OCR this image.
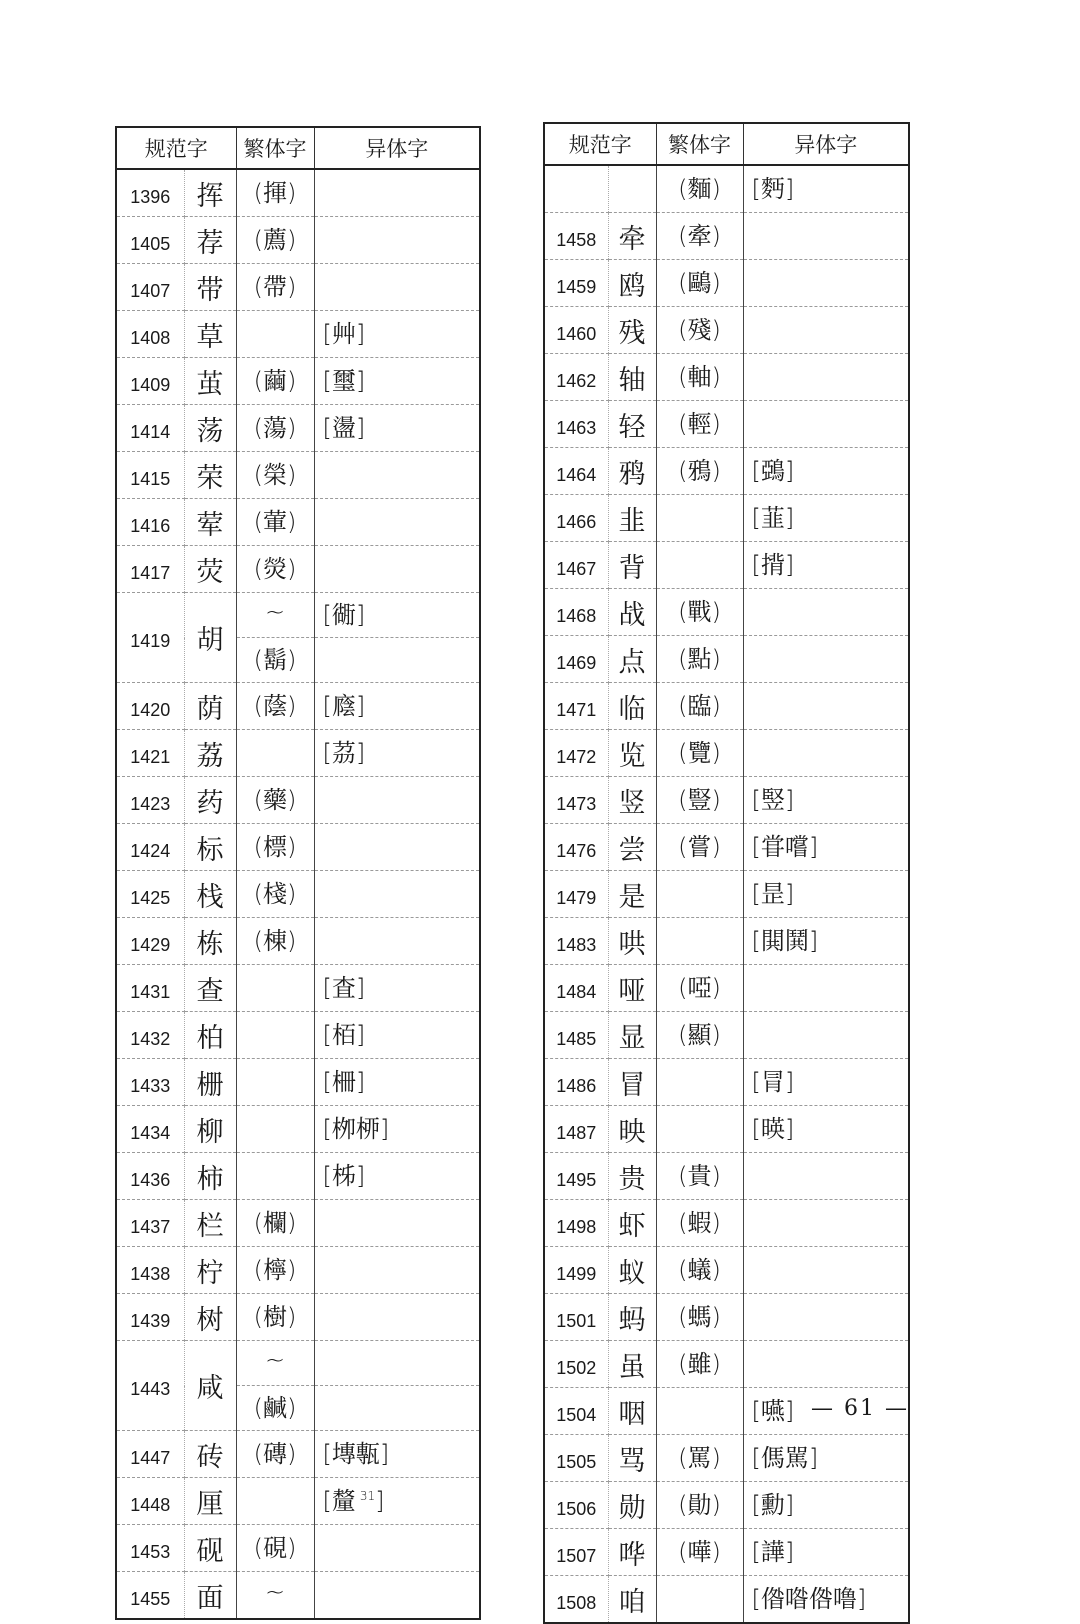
规范字		繁体字	异体字
1396	挥	(揮)	
1405	荐	(薦)	
1407	带	(帶)	
1408	草		[艸]
1409	茧	(繭)	[璽]
1414	荡	(蕩)	[盪]
1415	荣	(榮)	
1416	荤	(葷)	
1417	荧	(熒)	
1419	胡	~	[衚]
		(鬍)	
1420	荫	(蔭)	[廕]
1421	荔		[茘]
1423	药	(藥)	
1424	标	(標)	
1425	栈	(棧)	
1429	栋	(棟)	
1431	查		[査]
1432	柏		[栢]
1433	栅		[柵]
1434	柳		[栁桺]
1436	柿		[柹]
1437	栏	(欄)	
1438	柠	(檸)	
1439	树	(樹)	
1443	咸	~	
		(鹹)	
1447	砖	(磚)	[塼甎]
1448	厘		[釐 $^{31}$]
1453	砚	(硯)	
1455	面	~	
规范字		繁体字	异体字
		(麵)	[麪]
1458	牵	(牽)	
1459	鸥	(鷗)	
1460	残	(殘)	
1462	轴	(軸)	
1463	轻	(輕)	
1464	鸦	(鴉)	[鵶]
1466	韭		[韮]
1467	背		[揹]
1468	战	(戰)	
1469	点	(點)	
1471	临	(臨)	
1472	览	(覽)	
1473	竖	(豎)	[竪]
1476	尝	(嘗)	[甞嚐]
1479	是		[昰]
1483	哄		[閧鬨]
1484	哑	(啞)	
1485	显	(顯)	
1486	冒		[冐]
1487	映		[暎]
1495	贵	(貴)	
1498	虾	(蝦)	
1499	蚁	(蟻)	
1501	蚂	(螞)	
1502	虽	(雖)	
1504	咽		[嚥]
1505	骂	(罵)	[傌駡]
1506	勋	(勛)	[勳]
1507	哗	(嘩)	[譁]
1508	咱		[偺喒倃噜]
— 61 —
